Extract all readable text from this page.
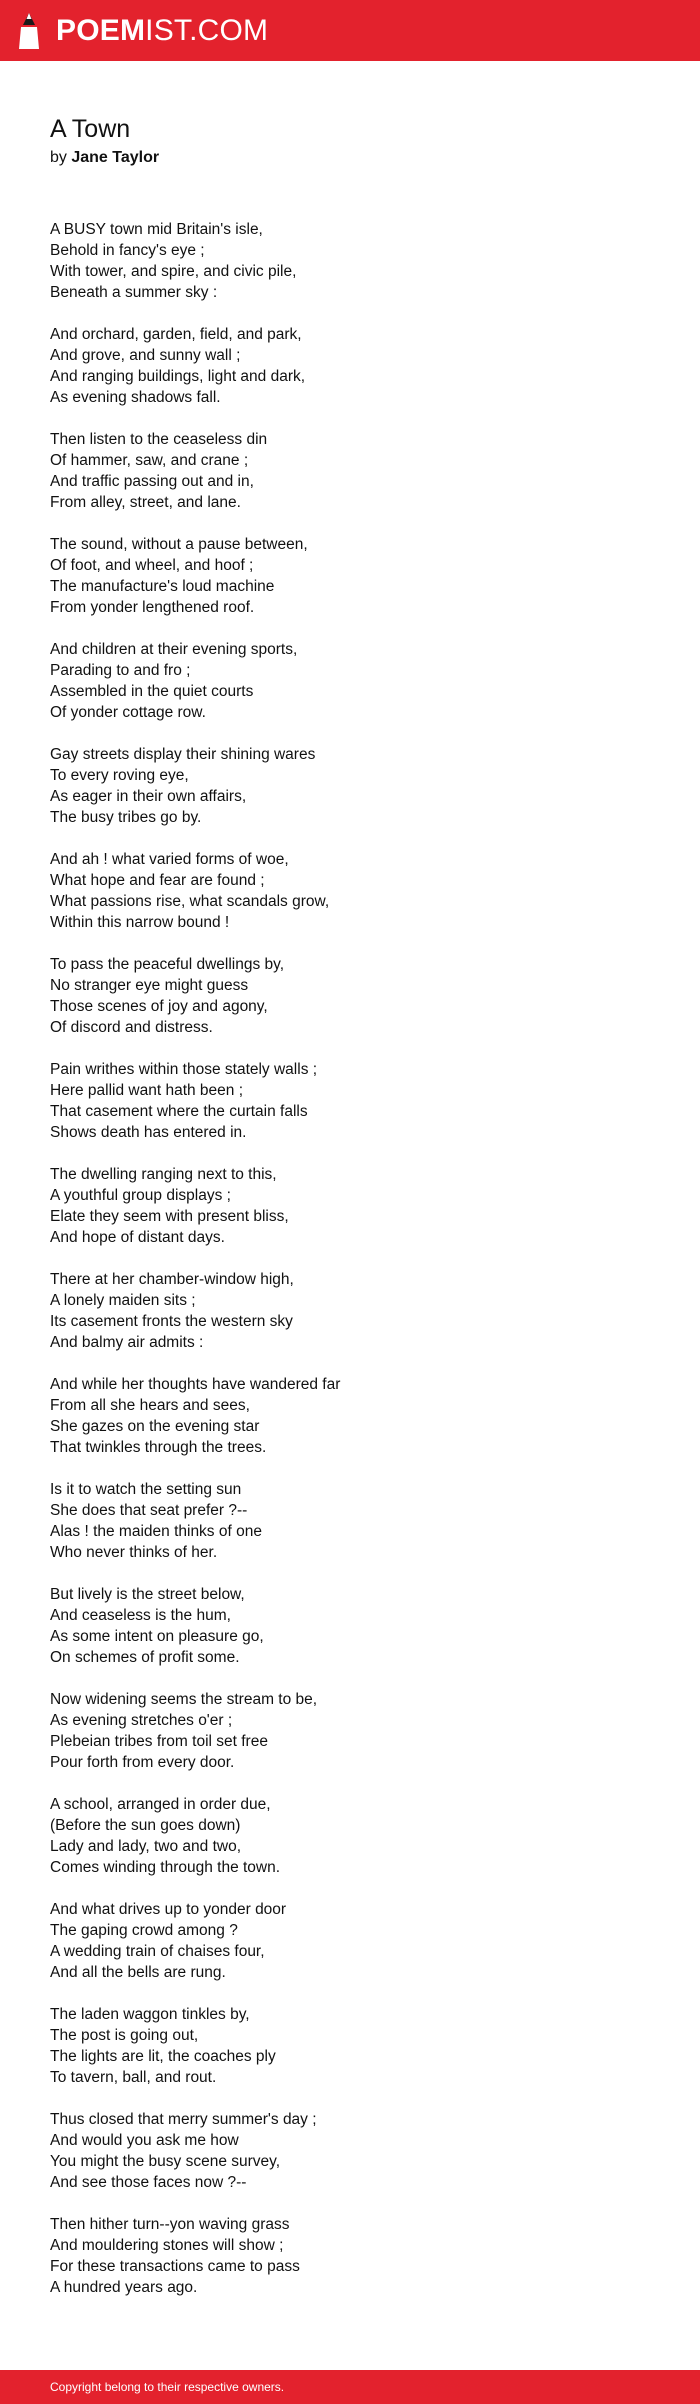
POEMIST.COM
A Town
by Jane Taylor
A BUSY town mid Britain's isle,
Behold in fancy's eye ;
With tower, and spire, and civic pile,
Beneath a summer sky :
And orchard, garden, field, and park,
And grove, and sunny wall ;
And ranging buildings, light and dark,
As evening shadows fall.
Then listen to the ceaseless din
Of hammer, saw, and crane ;
And traffic passing out and in,
From alley, street, and lane.
The sound, without a pause between,
Of foot, and wheel, and hoof ;
The manufacture's loud machine
From yonder lengthened roof.
And children at their evening sports,
Parading to and fro ;
Assembled in the quiet courts
Of yonder cottage row.
Gay streets display their shining wares
To every roving eye,
As eager in their own affairs,
The busy tribes go by.
And ah ! what varied forms of woe,
What hope and fear are found ;
What passions rise, what scandals grow,
Within this narrow bound !
To pass the peaceful dwellings by,
No stranger eye might guess
Those scenes of joy and agony,
Of discord and distress.
Pain writhes within those stately walls ;
Here pallid want hath been ;
That casement where the curtain falls
Shows death has entered in.
The dwelling ranging next to this,
A youthful group displays ;
Elate they seem with present bliss,
And hope of distant days.
There at her chamber-window high,
A lonely maiden sits ;
Its casement fronts the western sky
And balmy air admits :
And while her thoughts have wandered far
From all she hears and sees,
She gazes on the evening star
That twinkles through the trees.
Is it to watch the setting sun
She does that seat prefer ?--
Alas ! the maiden thinks of one
Who never thinks of her.
But lively is the street below,
And ceaseless is the hum,
As some intent on pleasure go,
On schemes of profit some.
Now widening seems the stream to be,
As evening stretches o'er ;
Plebeian tribes from toil set free
Pour forth from every door.
A school, arranged in order due,
(Before the sun goes down)
Lady and lady, two and two,
Comes winding through the town.
And what drives up to yonder door
The gaping crowd among ?
A wedding train of chaises four,
And all the bells are rung.
The laden waggon tinkles by,
The post is going out,
The lights are lit, the coaches ply
To tavern, ball, and rout.
Thus closed that merry summer's day ;
And would you ask me how
You might the busy scene survey,
And see those faces now ?--
Then hither turn--yon waving grass
And mouldering stones will show ;
For these transactions came to pass
A hundred years ago.
Copyright belong to their respective owners.
